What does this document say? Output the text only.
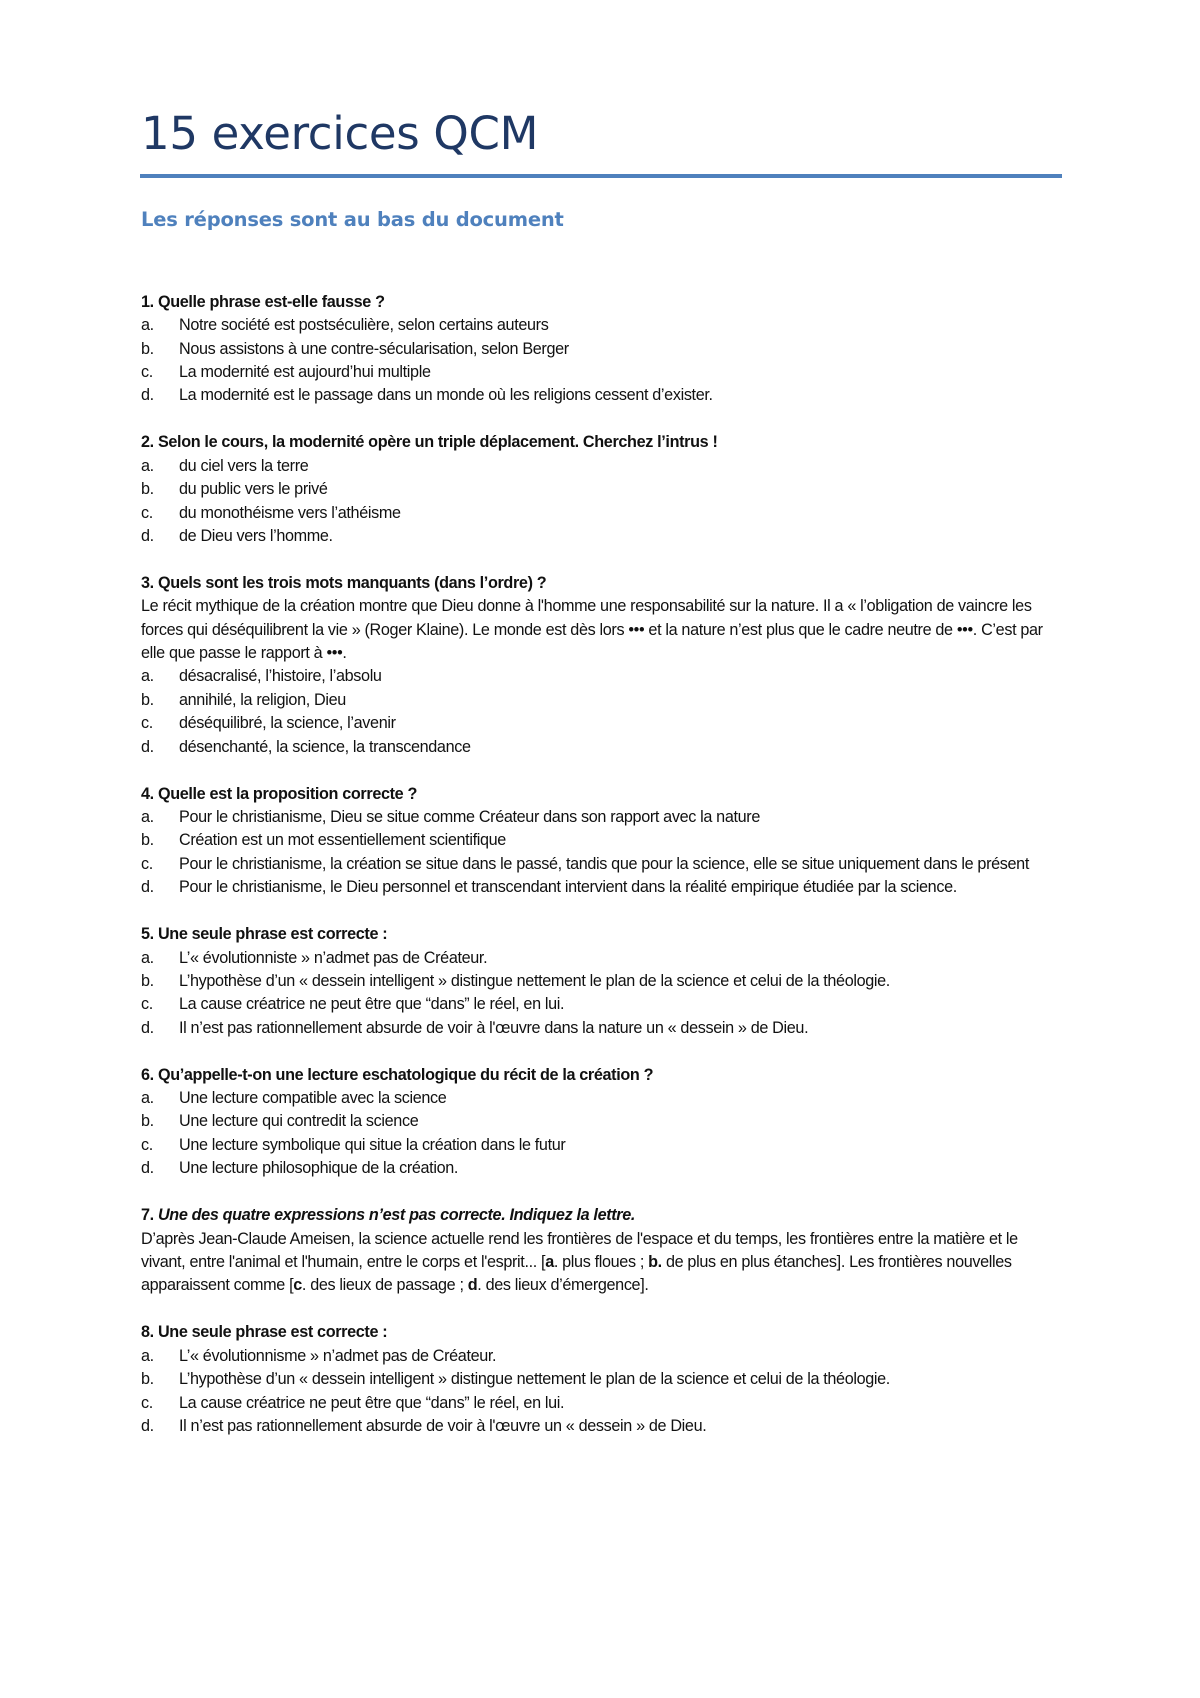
15 exercices QCM
Les réponses sont au bas du document
1. Quelle phrase est-elle fausse ?
a.	Notre société est postséculière, selon certains auteurs
b.	Nous assistons à une contre-sécularisation, selon Berger
c.	La modernité est aujourd’hui multiple
d.	La modernité est le passage dans un monde où les religions cessent d’exister.
2. Selon le cours, la modernité opère un triple déplacement. Cherchez l’intrus !
a.	du ciel vers la terre
b.	du public vers le privé
c.	du monothéisme vers l’athéisme
d.	de Dieu vers l’homme.
3. Quels sont les trois mots manquants (dans l’ordre) ?
Le récit mythique de la création montre que Dieu donne à l'homme une responsabilité sur la nature. Il a « l’obligation de vaincre les forces qui déséquilibrent la vie » (Roger Klaine). Le monde est dès lors ••• et la nature n’est plus que le cadre neutre de •••. C’est par elle que passe le rapport à •••.
a.	désacralisé, l’histoire, l’absolu
b.	annihilé, la religion, Dieu
c.	déséquilibré, la science, l’avenir
d.	désenchanté, la science, la transcendance
4. Quelle est la proposition correcte ?
a.	Pour le christianisme, Dieu se situe comme Créateur dans son rapport avec la nature
b.	Création est un mot essentiellement scientifique
c.	Pour le christianisme, la création se situe dans le passé, tandis que pour la science, elle se situe uniquement dans le présent
d.	Pour le christianisme, le Dieu personnel et transcendant intervient dans la réalité empirique étudiée par la science.
5. Une seule phrase est correcte :
a.	L’« évolutionniste » n’admet pas de Créateur.
b.	L’hypothèse d’un « dessein intelligent » distingue nettement le plan de la science et celui de la théologie.
c.	La cause créatrice ne peut être que “dans” le réel, en lui.
d.	Il n’est pas rationnellement absurde de voir à l'œuvre dans la nature un « dessein » de Dieu.
6. Qu’appelle-t-on une lecture eschatologique du récit de la création ?
a.	Une lecture compatible avec la science
b.	Une lecture qui contredit la science
c.	Une lecture symbolique qui situe la création dans le futur
d.	Une lecture philosophique de la création.
7. Une des quatre expressions n’est pas correcte. Indiquez la lettre.
D’après Jean-Claude Ameisen, la science actuelle rend les frontières de l'espace et du temps, les frontières entre la matière et le vivant, entre l'animal et l'humain, entre le corps et l'esprit... [a. plus floues ; b. de plus en plus étanches]. Les frontières nouvelles apparaissent comme [c. des lieux de passage ; d. des lieux d’émergence].
8. Une seule phrase est correcte :
a.	L’« évolutionnisme » n’admet pas de Créateur.
b.	L’hypothèse d’un « dessein intelligent » distingue nettement le plan de la science et celui de la théologie.
c.	La cause créatrice ne peut être que “dans” le réel, en lui.
d.	Il n’est pas rationnellement absurde de voir à l'œuvre un « dessein » de Dieu.
